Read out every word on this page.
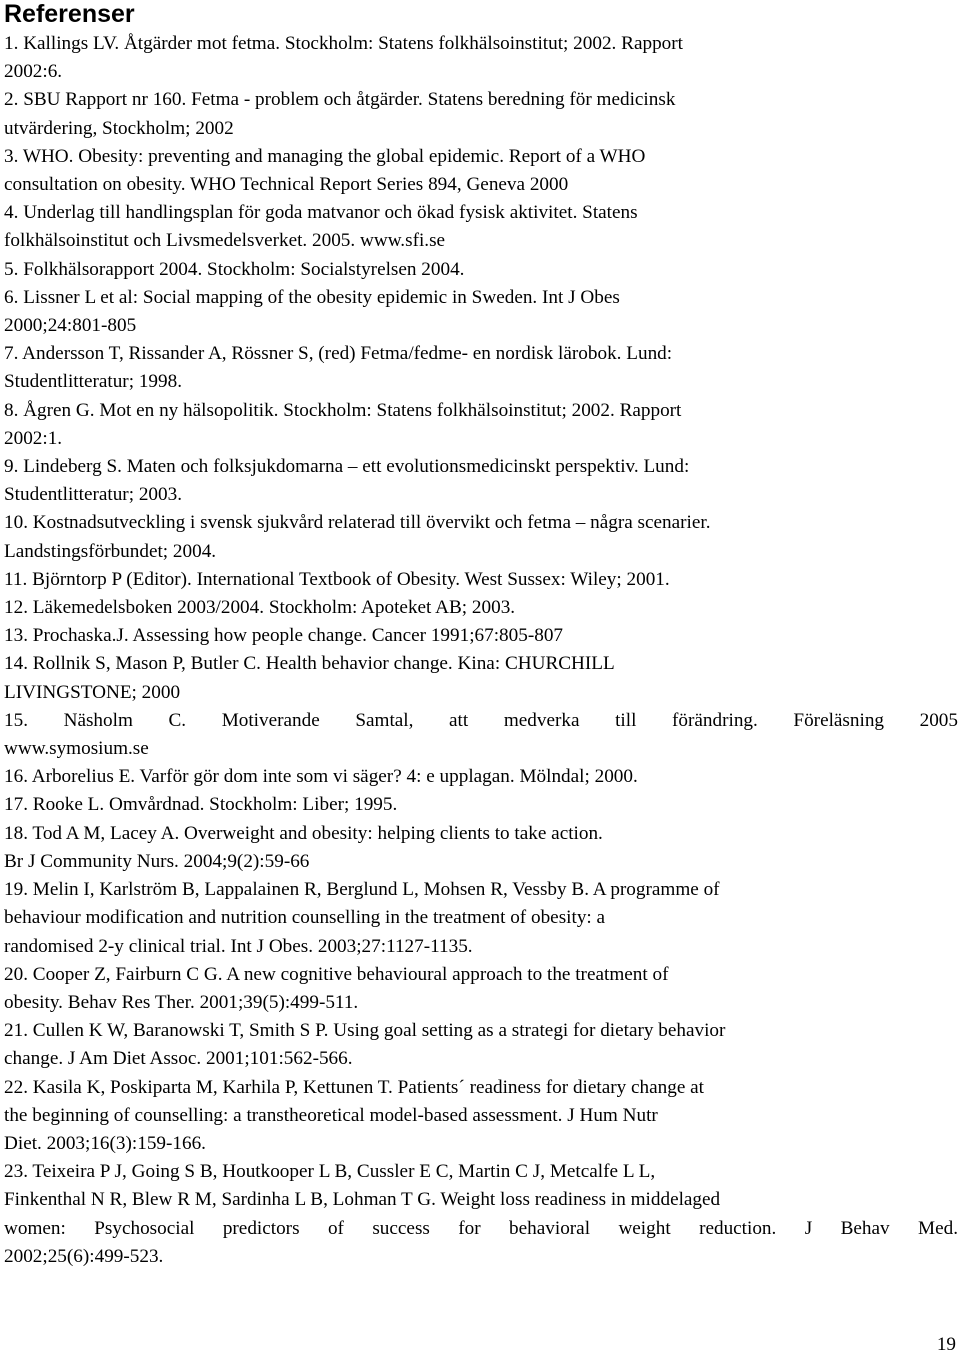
Referenser

1. Kallings LV. Åtgärder mot fetma. Stockholm: Statens folkhälsoinstitut; 2002. Rapport
2002:6.

2. SBU Rapport nr 160. Fetma - problem och åtgärder. Statens beredning för medicinsk
utvärdering, Stockholm; 2002

3. WHO. Obesity: preventing and managing the global epidemic. Report of a WHO
consultation on obesity. WHO Technical Report Series 894, Geneva 2000

4. Underlag till handlingsplan för goda matvanor och ökad fysisk aktivitet. Statens
folkhälsoinstitut och Livsmedelsverket. 2005. www.sfi.se

5. Folkhälsorapport 2004. Stockholm: Socialstyrelsen 2004.

6. Lissner L et al: Social mapping of the obesity epidemic in Sweden. Int J Obes
2000;24:801-805

7. Andersson T, Rissander A, Rössner S, (red) Fetma/fedme- en nordisk lärobok. Lund:
Studentlitteratur; 1998.

8. Ågren G. Mot en ny hälsopolitik. Stockholm: Statens folkhälsoinstitut; 2002. Rapport
2002:1.

9. Lindeberg S. Maten och folksjukdomarna – ett evolutionsmedicinskt perspektiv. Lund:
Studentlitteratur; 2003.

10. Kostnadsutveckling i svensk sjukvård relaterad till övervikt och fetma – några scenarier.
Landstingsförbundet; 2004.

11. Björntorp P (Editor). International Textbook of Obesity. West Sussex: Wiley; 2001.

12. Läkemedelsboken 2003/2004. Stockholm: Apoteket AB; 2003.

13. Prochaska.J. Assessing how people change. Cancer 1991;67:805-807

14. Rollnik S, Mason P, Butler C. Health behavior change. Kina: CHURCHILL
LIVINGSTONE; 2000

15. Näsholm C. Motiverande Samtal, att medverka till förändring. Föreläsning 2005
www.symosium.se

16. Arborelius E. Varför gör dom inte som vi säger? 4: e upplagan. Mölndal; 2000.

17. Rooke L. Omvårdnad. Stockholm: Liber; 1995.

18. Tod A M, Lacey A. Overweight and obesity: helping clients to take action.
Br J Community Nurs. 2004;9(2):59-66

19. Melin I, Karlström B, Lappalainen R, Berglund L, Mohsen R, Vessby B. A programme of
behaviour modification and nutrition counselling in the treatment of obesity: a
randomised 2-y clinical trial. Int J Obes. 2003;27:1127-1135.

20. Cooper Z, Fairburn C G. A new cognitive behavioural approach to the treatment of
obesity. Behav Res Ther. 2001;39(5):499-511.

21. Cullen K W, Baranowski T, Smith S P. Using goal setting as a strategi for dietary behavior
change. J Am Diet Assoc. 2001;101:562-566.

22. Kasila K, Poskiparta M, Karhila P, Kettunen T. Patients´ readiness for dietary change at
the beginning of counselling: a transtheoretical model-based assessment. J Hum Nutr
Diet. 2003;16(3):159-166.

23. Teixeira P J, Going S B, Houtkooper L B, Cussler E C, Martin C J, Metcalfe L L,
Finkenthal N R, Blew R M, Sardinha L B, Lohman T G. Weight loss readiness in middelaged
women: Psychosocial predictors of success for behavioral weight reduction. J Behav Med.
2002;25(6):499-523.

19
